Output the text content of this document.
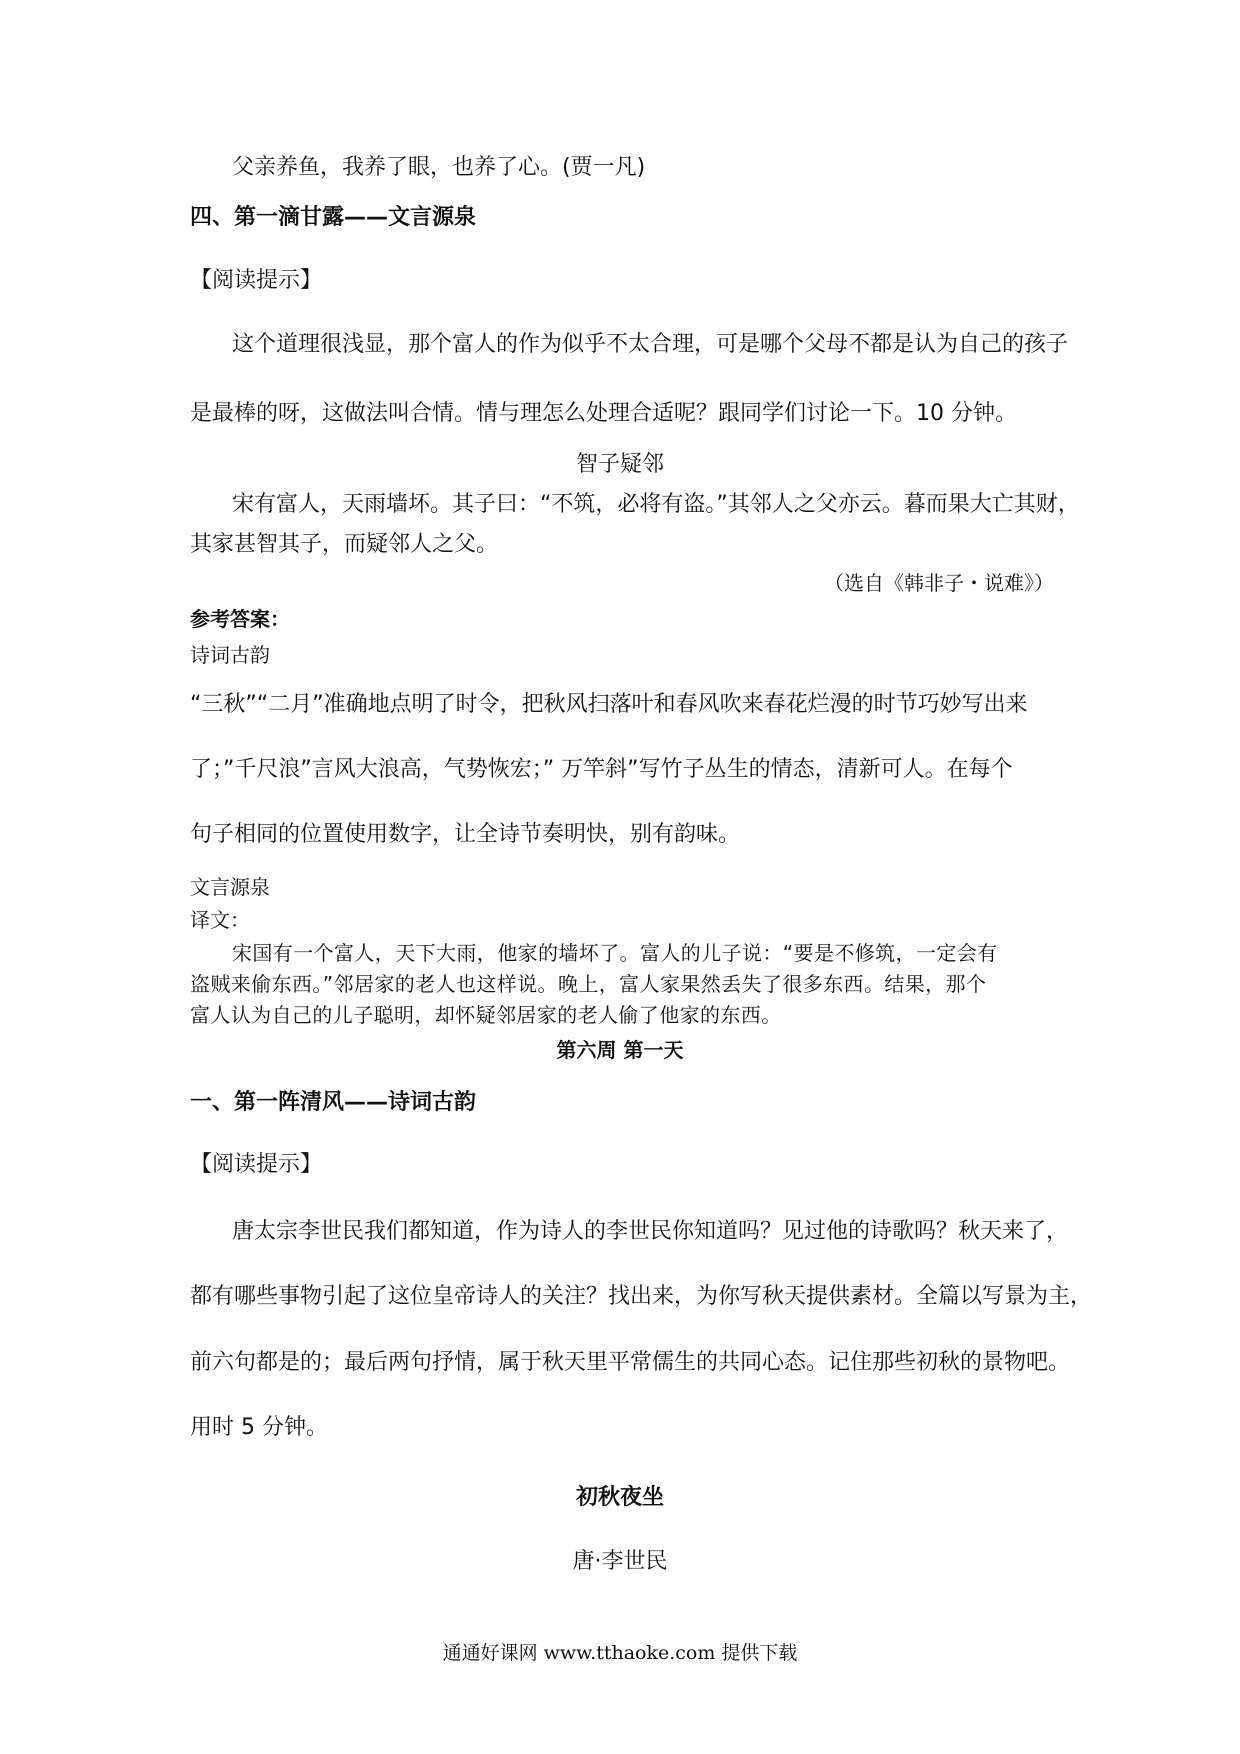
父亲养鱼，我养了眼，也养了心。(贾一凡)
四、第一滴甘露——文言源泉
【阅读提示】
这个道理很浅显，那个富人的作为似乎不太合理，可是哪个父母不都是认为自己的孩子
是最棒的呀，这做法叫合情。情与理怎么处理合适呢？跟同学们讨论一下。10 分钟。
智子疑邻
宋有富人，天雨墙坏。其子曰：“不筑，必将有盗。”其邻人之父亦云。暮而果大亡其财，
其家甚智其子，而疑邻人之父。
（选自《韩非子・说难》）
参考答案：
诗词古韵
“三秋”“二月”准确地点明了时令，把秋风扫落叶和春风吹来春花烂漫的时节巧妙写出来
了；”千尺浪”言风大浪高，气势恢宏；” 万竿斜”写竹子丛生的情态，清新可人。在每个
句子相同的位置使用数字，让全诗节奏明快，别有韵味。
文言源泉
译文：
宋国有一个富人，天下大雨，他家的墙坏了。富人的儿子说：“要是不修筑，一定会有
盗贼来偷东西。”邻居家的老人也这样说。晚上，富人家果然丢失了很多东西。结果，那个
富人认为自己的儿子聪明，却怀疑邻居家的老人偷了他家的东西。
第六周 第一天
一、第一阵清风——诗词古韵
【阅读提示】
唐太宗李世民我们都知道，作为诗人的李世民你知道吗？见过他的诗歌吗？秋天来了，
都有哪些事物引起了这位皇帝诗人的关注？找出来，为你写秋天提供素材。全篇以写景为主，
前六句都是的；最后两句抒情，属于秋天里平常儒生的共同心态。记住那些初秋的景物吧。
用时 5 分钟。
初秋夜坐
唐·李世民
通通好课网 www.tthaoke.com 提供下载
